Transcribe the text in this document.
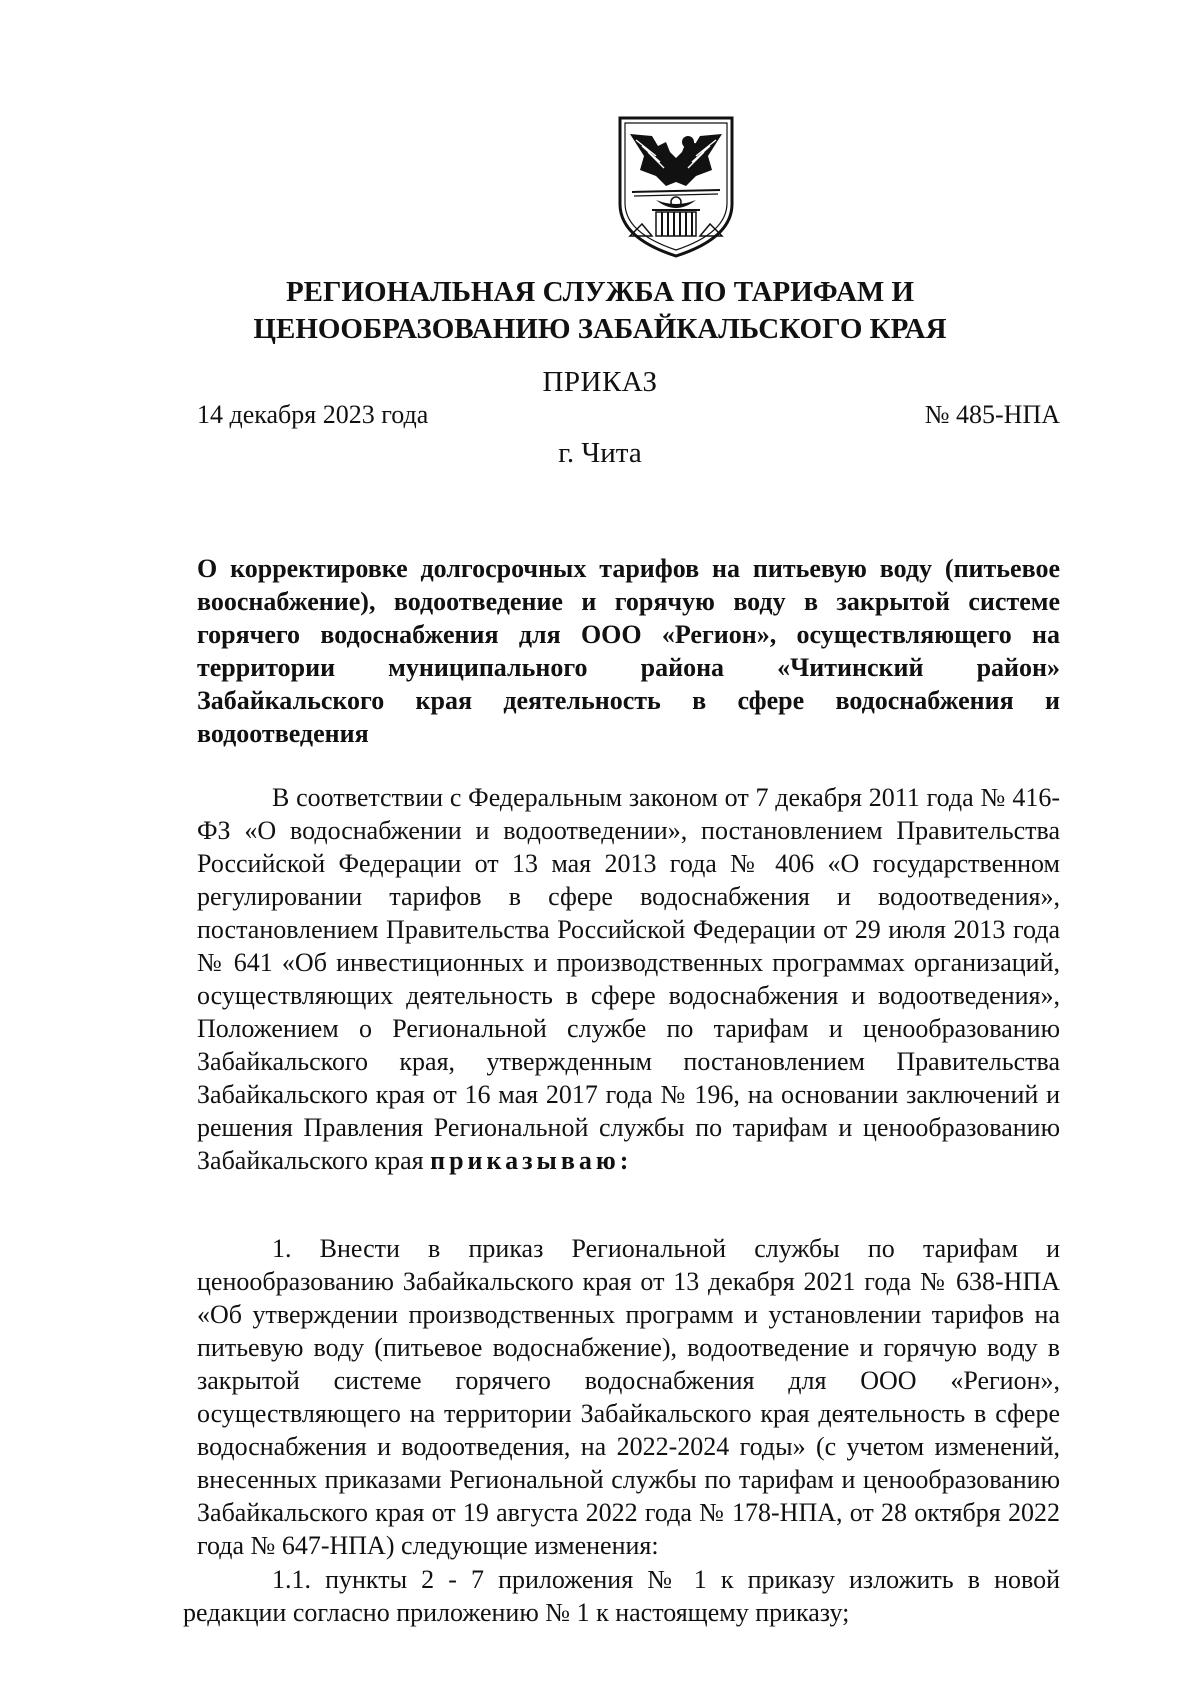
РЕГИОНАЛЬНАЯ СЛУЖБА ПО ТАРИФАМ И
ЦЕНООБРАЗОВАНИЮ ЗАБАЙКАЛЬСКОГО КРАЯ
ПРИКАЗ
14 декабря 2023 года	№ 485-НПА
г. Чита
О корректировке долгосрочных тарифов на питьевую воду (питьевое вооснабжение), водоотведение и горячую воду в закрытой системе горячего водоснабжения для ООО «Регион», осуществляющего на территории муниципального района «Читинский район» Забайкальского края деятельность в сфере водоснабжения и водоотведения

В соответствии с Федеральным законом от 7 декабря 2011 года № 416-ФЗ «О водоснабжении и водоотведении», постановлением Правительства Российской Федерации от 13 мая 2013 года № 406 «О государственном регулировании тарифов в сфере водоснабжения и водоотведения», постановлением Правительства Российской Федерации от 29 июля 2013 года № 641 «Об инвестиционных и производственных программах организаций, осуществляющих деятельность в сфере водоснабжения и водоотведения», Положением о Региональной службе по тарифам и ценообразованию Забайкальского края, утвержденным постановлением Правительства Забайкальского края от 16 мая 2017 года № 196, на основании заключений и решения Правления Региональной службы по тарифам и ценообразованию Забайкальского края приказываю:

1. Внести в приказ Региональной службы по тарифам и ценообразованию Забайкальского края от 13 декабря 2021 года № 638-НПА «Об утверждении производственных программ и установлении тарифов на питьевую воду (питьевое водоснабжение), водоотведение и горячую воду в закрытой системе горячего водоснабжения для ООО «Регион», осуществляющего на территории Забайкальского края деятельность в сфере водоснабжения и водоотведения, на 2022-2024 годы» (с учетом изменений, внесенных приказами Региональной службы по тарифам и ценообразованию Забайкальского края от 19 августа 2022 года № 178-НПА, от 28 октября 2022 года № 647-НПА) следующие изменения:

1.1. пункты 2 - 7 приложения № 1 к приказу изложить в новой редакции согласно приложению № 1 к настоящему приказу;
